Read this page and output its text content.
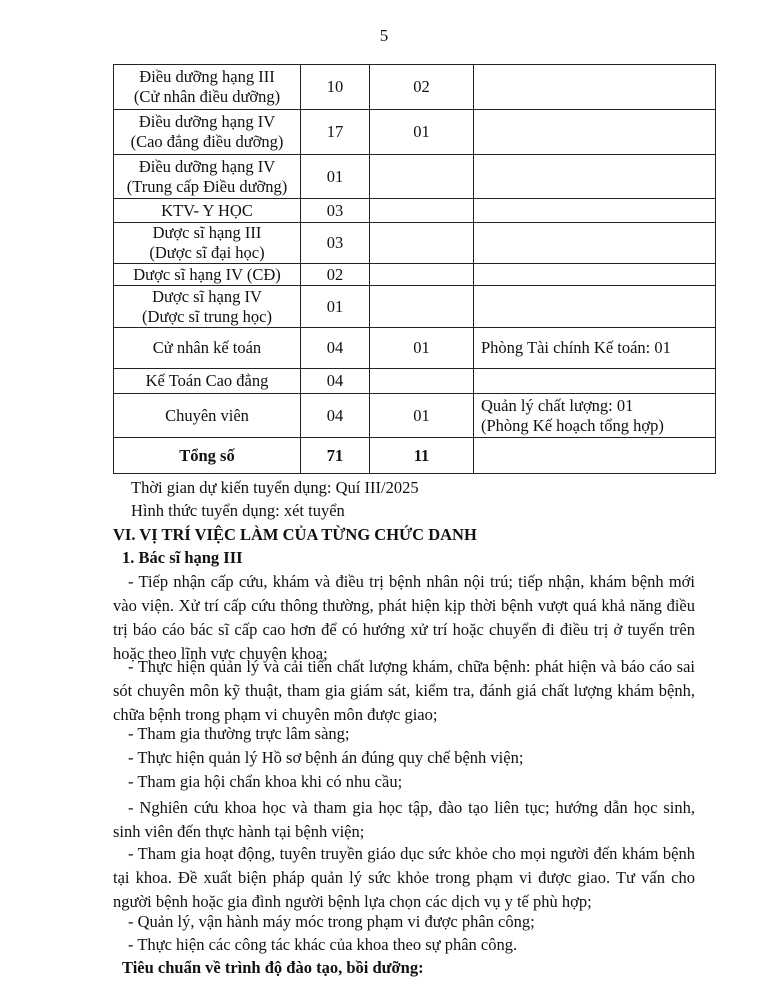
5
Điều dưỡng hạng III
(Cử nhân điều dưỡng)	10	02	

Điều dưỡng hạng IV
(Cao đẳng điều dưỡng)	17	01	

Điều dưỡng hạng IV
(Trung cấp Điều dưỡng)	01		

KTV- Y HỌC	03		

Dược sĩ hạng III
(Dược sĩ đại học)	03		

Dược sĩ hạng IV (CĐ)	02		

Dược sĩ hạng IV
(Dược sĩ trung học)	01		

Cử nhân kế toán	04	01	Phòng Tài chính Kế toán: 01

Kế Toán Cao đẳng	04		

Chuyên viên	04	01	Quản lý chất lượng: 01
(Phòng Kế hoạch tổng hợp)

Tổng số	71	11	
Thời gian dự kiến tuyển dụng: Quí III/2025
Hình thức tuyển dụng: xét tuyển
VI. VỊ TRÍ VIỆC LÀM CỦA TỪNG CHỨC DANH
1. Bác sĩ hạng III
- Tiếp nhận cấp cứu, khám và điều trị bệnh nhân nội trú; tiếp nhận, khám bệnh mới vào viện. Xử trí cấp cứu thông thường, phát hiện kịp thời bệnh vượt quá khả năng điều trị báo cáo bác sĩ cấp cao hơn để có hướng xử trí hoặc chuyển đi điều trị ở tuyến trên hoặc theo lĩnh vực chuyên khoa;
- Thực hiện quản lý và cải tiến chất lượng khám, chữa bệnh: phát hiện và báo cáo sai sót chuyên môn kỹ thuật, tham gia giám sát, kiểm tra, đánh giá chất lượng khám bệnh, chữa bệnh trong phạm vi chuyên môn được giao;
- Tham gia thường trực lâm sàng;
- Thực hiện quản lý Hồ sơ bệnh án đúng quy chế bệnh viện;
- Tham gia hội chẩn khoa khi có nhu cầu;
- Nghiên cứu khoa học và tham gia học tập, đào tạo liên tục; hướng dẫn học sinh, sinh viên đến thực hành tại bệnh viện;
- Tham gia hoạt động, tuyên truyền giáo dục sức khỏe cho mọi người đến khám bệnh tại khoa. Đề xuất biện pháp quản lý sức khỏe trong phạm vi được giao. Tư vấn cho người bệnh hoặc gia đình người bệnh lựa chọn các dịch vụ y tế phù hợp;
- Quản lý, vận hành máy móc trong phạm vi được phân công;
- Thực hiện các công tác khác của khoa theo sự phân công.
Tiêu chuẩn về trình độ đào tạo, bồi dưỡng:
